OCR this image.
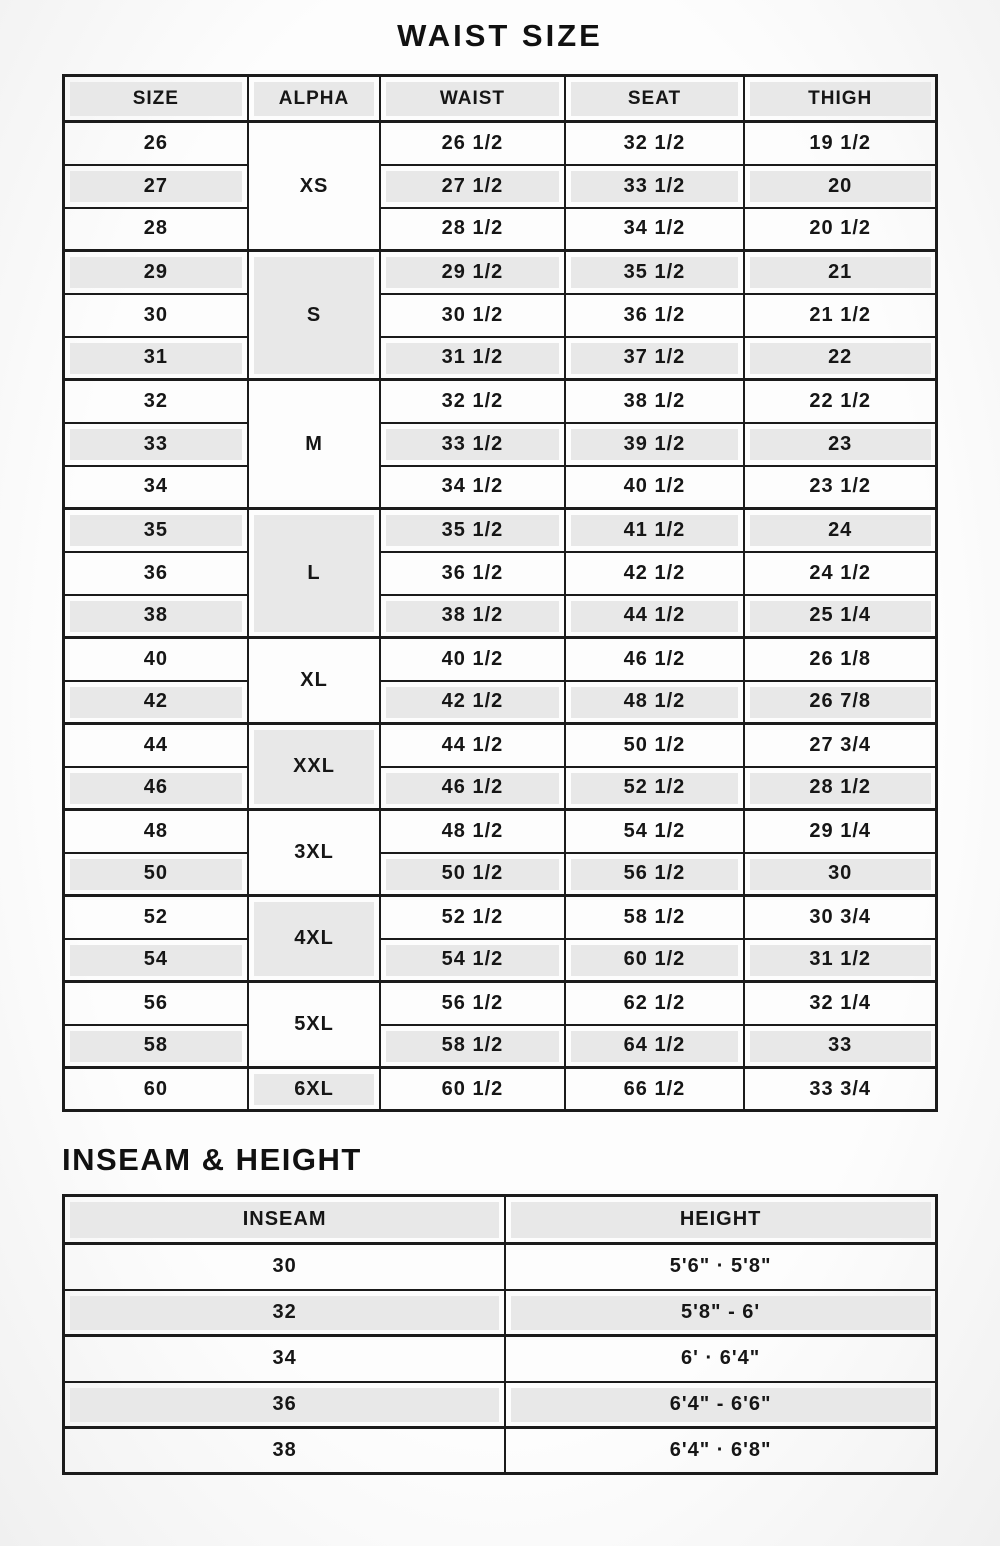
WAIST SIZE
SIZE	ALPHA	WAIST	SEAT	THIGH
26	XS	26 1/2	32 1/2	19 1/2
27		27 1/2	33 1/2	20
28		28 1/2	34 1/2	20 1/2
29	S	29 1/2	35 1/2	21
30		30 1/2	36 1/2	21 1/2
31		31 1/2	37 1/2	22
32	M	32 1/2	38 1/2	22 1/2
33		33 1/2	39 1/2	23
34		34 1/2	40 1/2	23 1/2
35	L	35 1/2	41 1/2	24
36		36 1/2	42 1/2	24 1/2
38		38 1/2	44 1/2	25 1/4
40	XL	40 1/2	46 1/2	26 1/8
42		42 1/2	48 1/2	26 7/8
44	XXL	44 1/2	50 1/2	27 3/4
46		46 1/2	52 1/2	28 1/2
48	3XL	48 1/2	54 1/2	29 1/4
50		50 1/2	56 1/2	30
52	4XL	52 1/2	58 1/2	30 3/4
54		54 1/2	60 1/2	31 1/2
56	5XL	56 1/2	62 1/2	32 1/4
58		58 1/2	64 1/2	33
60	6XL	60 1/2	66 1/2	33 3/4
INSEAM & HEIGHT
INSEAM	HEIGHT
30	5'6" · 5'8"
32	5'8" - 6'
34	6' · 6'4"
36	6'4" - 6'6"
38	6'4" · 6'8"
